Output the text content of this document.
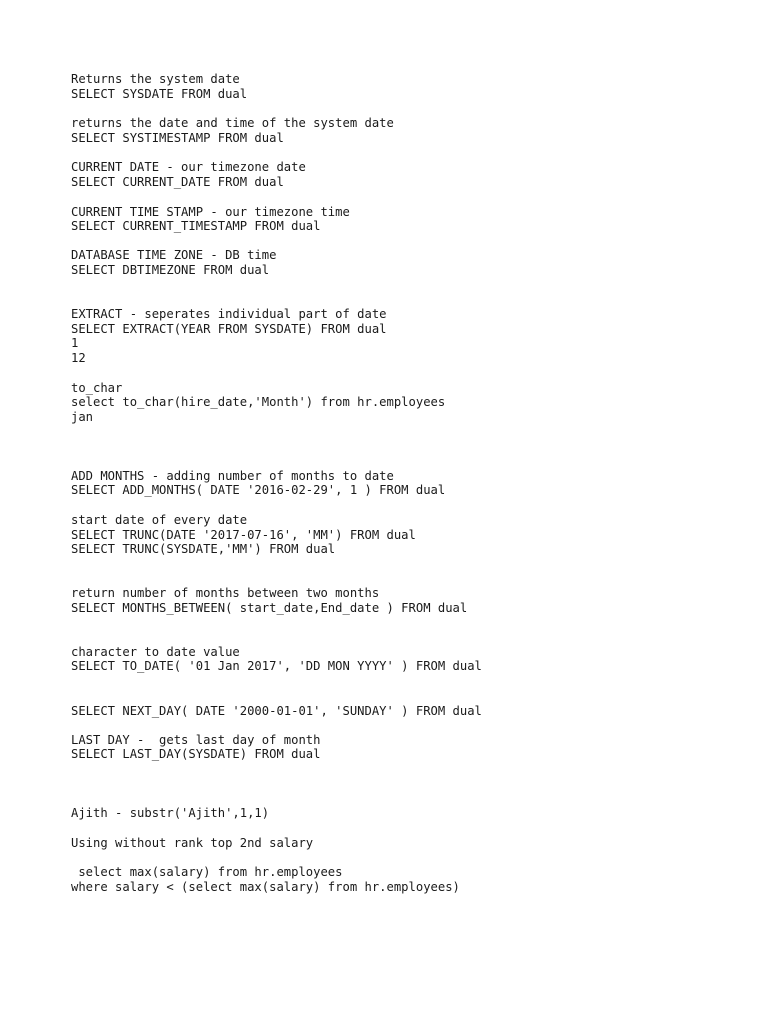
Returns the system date

SELECT SYSDATE FROM dual

returns the date and time of the system date

SELECT SYSTIMESTAMP FROM dual

CURRENT DATE - our timezone date

SELECT CURRENT_DATE FROM dual

CURRENT TIME STAMP - our timezone time

SELECT CURRENT_TIMESTAMP FROM dual

DATABASE TIME ZONE - DB time

SELECT DBTIMEZONE FROM dual

EXTRACT - seperates individual part of date

SELECT EXTRACT(YEAR FROM SYSDATE) FROM dual

1

12

to_char

select to_char(hire_date,'Month') from hr.employees

jan

ADD MONTHS - adding number of months to date

SELECT ADD_MONTHS( DATE '2016-02-29', 1 ) FROM dual

start date of every date

SELECT TRUNC(DATE '2017-07-16', 'MM') FROM dual

SELECT TRUNC(SYSDATE,'MM') FROM dual

return number of months between two months

SELECT MONTHS_BETWEEN( start_date,End_date ) FROM dual

character to date value

SELECT TO_DATE( '01 Jan 2017', 'DD MON YYYY' ) FROM dual

SELECT NEXT_DAY( DATE '2000-01-01', 'SUNDAY' ) FROM dual

LAST DAY -  gets last day of month

SELECT LAST_DAY(SYSDATE) FROM dual

Ajith - substr('Ajith',1,1)

Using without rank top 2nd salary

select max(salary) from hr.employees

where salary < (select max(salary) from hr.employees)
